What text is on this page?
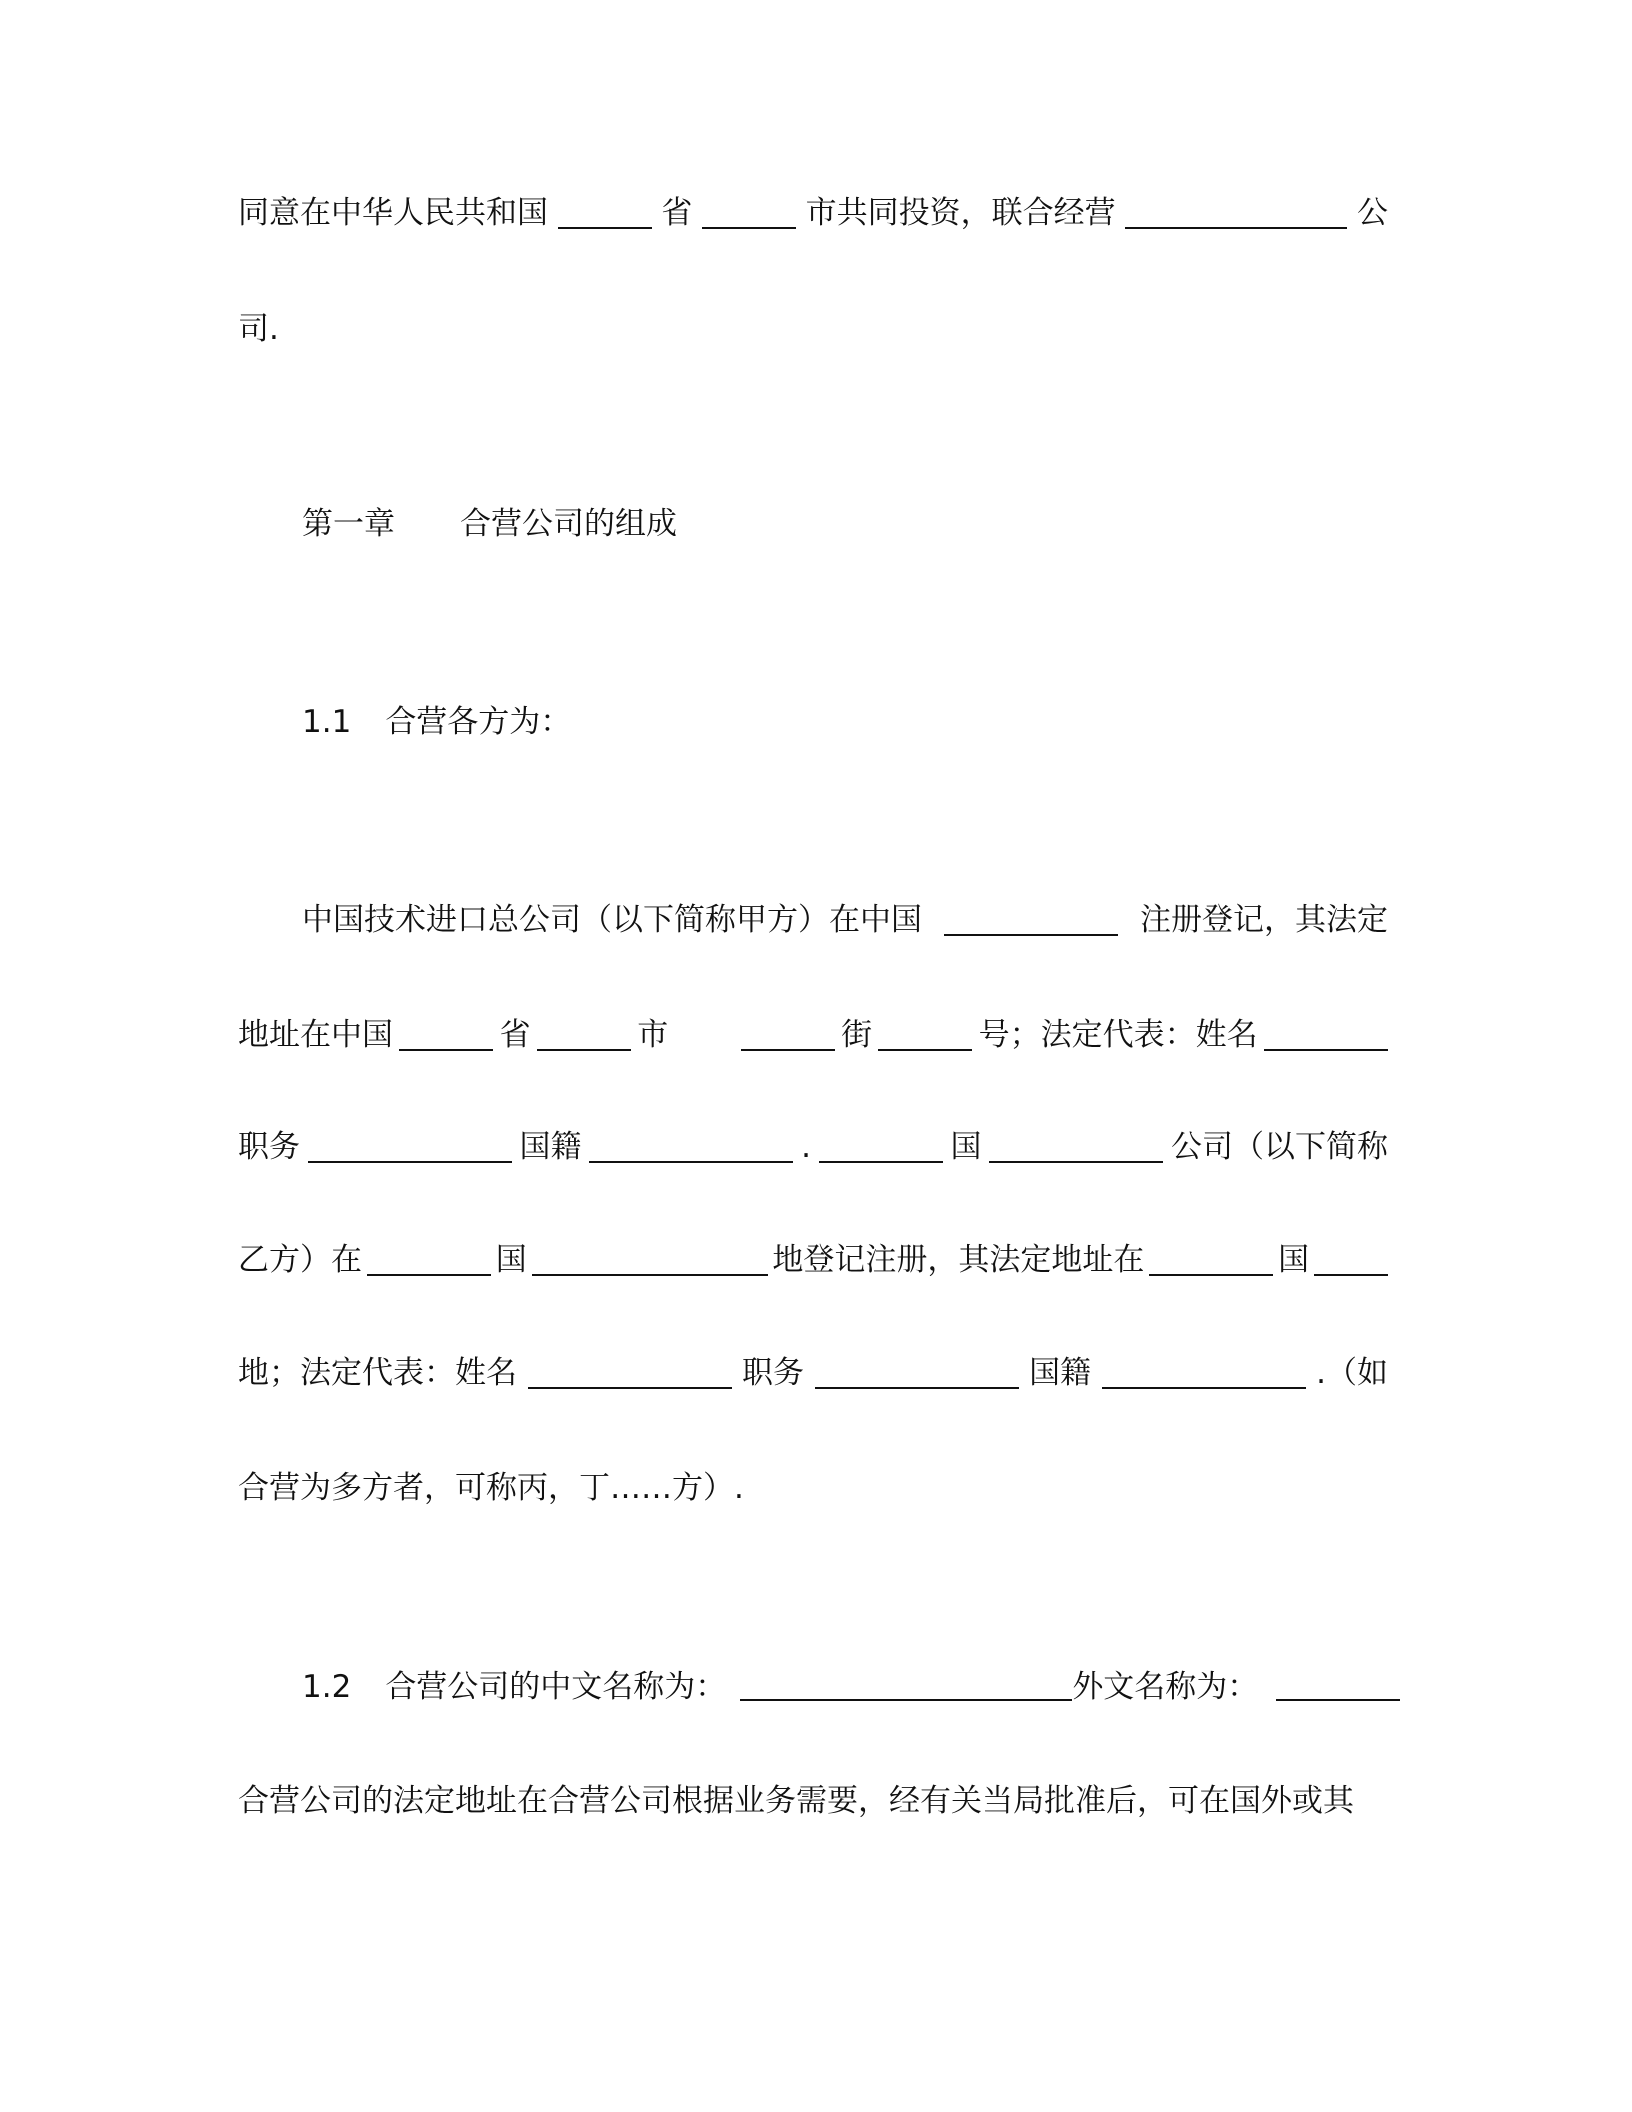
同意在中华人民共和国	省	市共同投资，联合经营	公
司.
第一章 合营公司的组成
1.1 合营各方为：
中国技术进口总公司（以下简称甲方）在中国	注册登记，其法定
地址在中国	省	市	街	号；法定代表：姓名
职务	国籍	.	国	公司（以下简称
乙方）在	国	地登记注册，其法定地址在	国
地；法定代表：姓名	职务	国籍	.（如
合营为多方者，可称丙，丁……方）.
1.2 合营公司的中文名称为：	外文名称为：
合营公司的法定地址在合营公司根据业务需要，经有关当局批准后，可在国外或其
